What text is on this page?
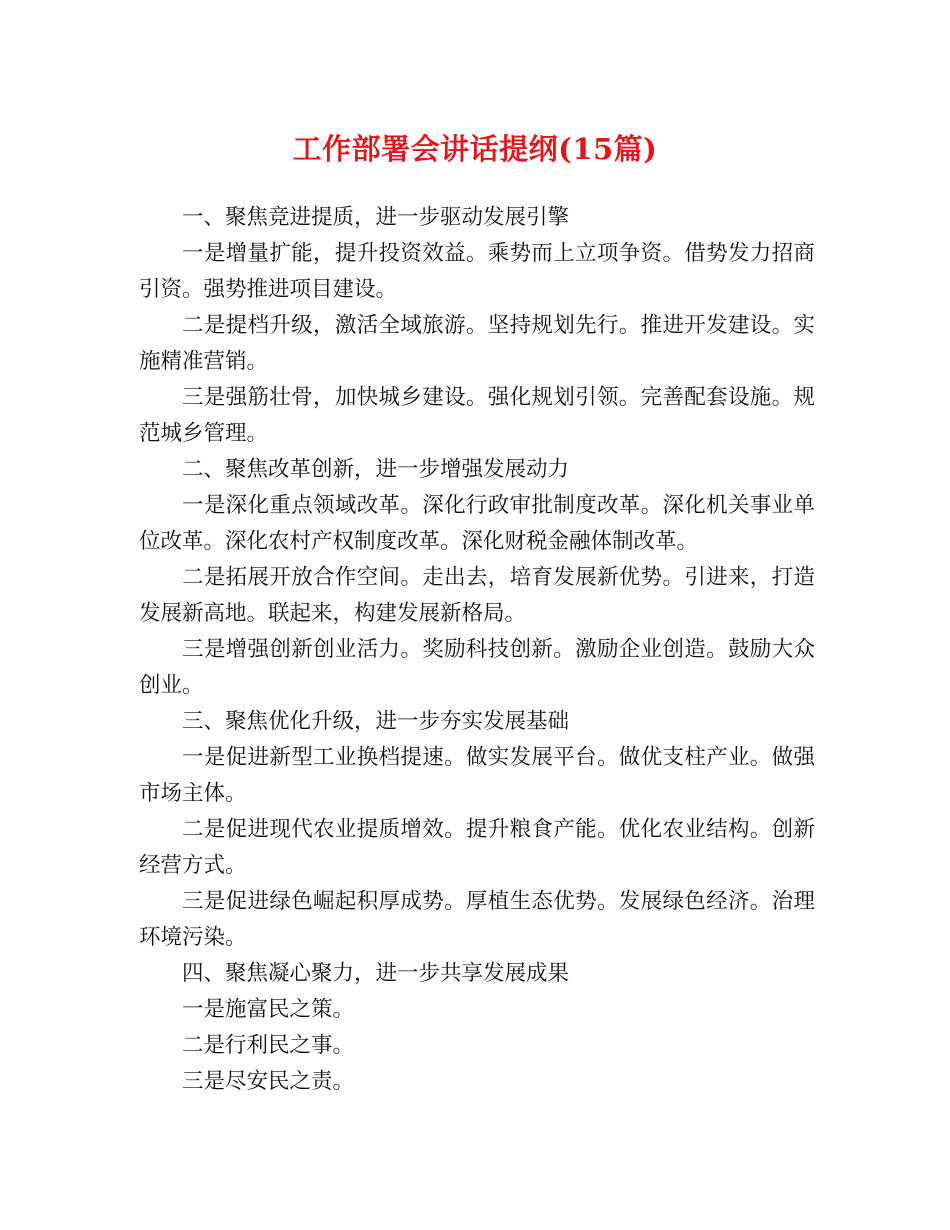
工作部署会讲话提纲(15篇)

一、聚焦竞进提质，进一步驱动发展引擎

一是增量扩能，提升投资效益。乘势而上立项争资。借势发力招商引资。强势推进项目建设。

二是提档升级，激活全域旅游。坚持规划先行。推进开发建设。实施精准营销。

三是强筋壮骨，加快城乡建设。强化规划引领。完善配套设施。规范城乡管理。

二、聚焦改革创新，进一步增强发展动力

一是深化重点领域改革。深化行政审批制度改革。深化机关事业单位改革。深化农村产权制度改革。深化财税金融体制改革。

二是拓展开放合作空间。走出去，培育发展新优势。引进来，打造发展新高地。联起来，构建发展新格局。

三是增强创新创业活力。奖励科技创新。激励企业创造。鼓励大众创业。

三、聚焦优化升级，进一步夯实发展基础

一是促进新型工业换档提速。做实发展平台。做优支柱产业。做强市场主体。

二是促进现代农业提质增效。提升粮食产能。优化农业结构。创新经营方式。

三是促进绿色崛起积厚成势。厚植生态优势。发展绿色经济。治理环境污染。

四、聚焦凝心聚力，进一步共享发展成果

一是施富民之策。

二是行利民之事。

三是尽安民之责。
